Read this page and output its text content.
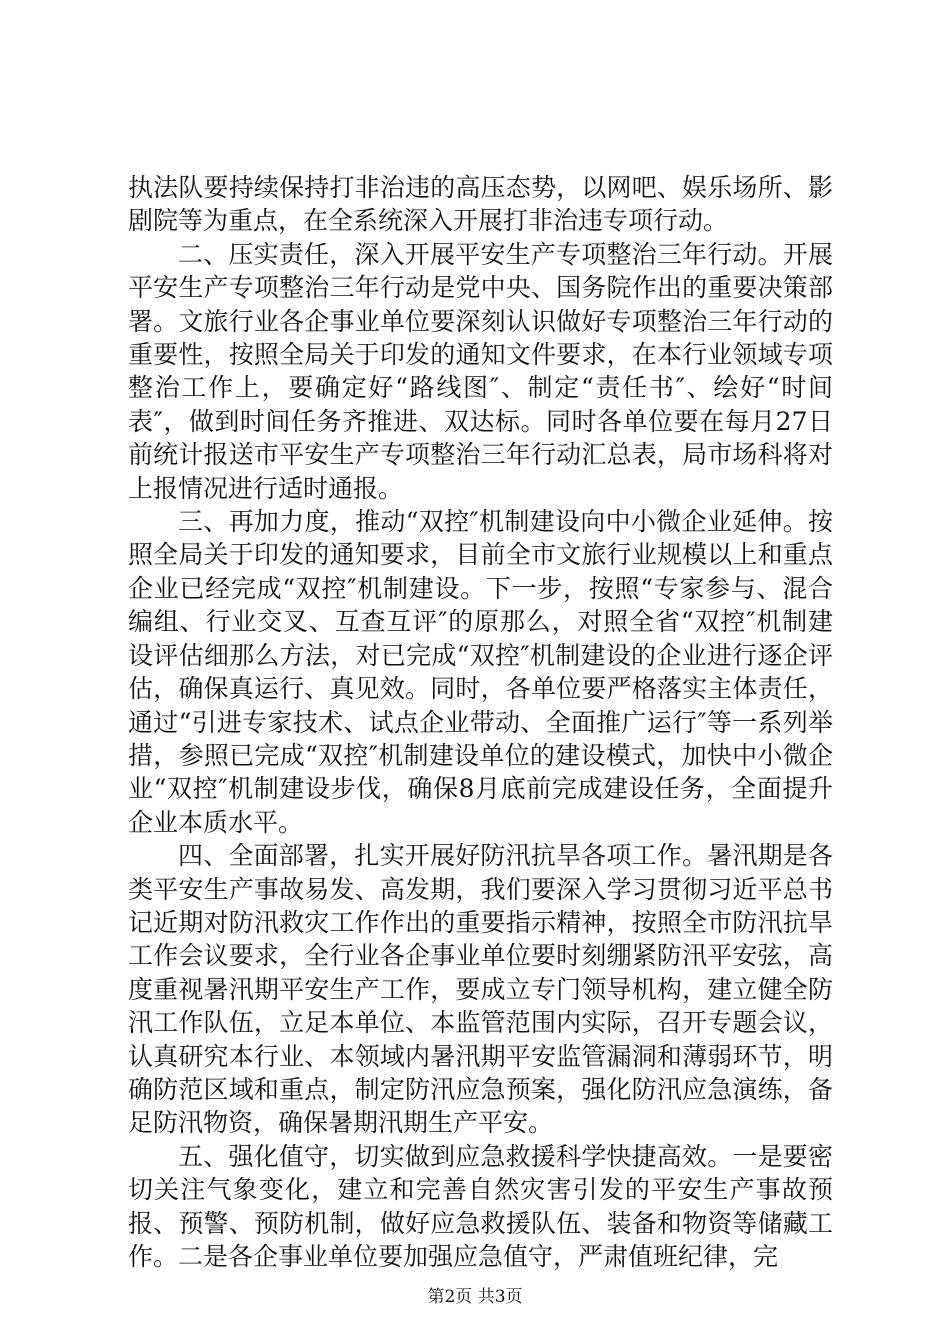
执法队要持续保持打非治违的高压态势，以网吧、娱乐场所、影剧院等为重点，在全系统深入开展打非治违专项行动。

二、压实责任，深入开展平安生产专项整治三年行动。开展平安生产专项整治三年行动是党中央、国务院作出的重要决策部署。文旅行业各企事业单位要深刻认识做好专项整治三年行动的重要性，按照全局关于印发的通知文件要求，在本行业领域专项整治工作上，要确定好“路线图″、制定“责任书″、绘好“时间表″，做到时间任务齐推进、双达标。同时各单位要在每月27日前统计报送市平安生产专项整治三年行动汇总表，局市场科将对上报情况进行适时通报。

三、再加力度，推动“双控″机制建设向中小微企业延伸。按照全局关于印发的通知要求，目前全市文旅行业规模以上和重点企业已经完成“双控″机制建设。下一步，按照“专家参与、混合编组、行业交叉、互查互评″的原那么，对照全省“双控″机制建设评估细那么方法，对已完成“双控″机制建设的企业进行逐企评估，确保真运行、真见效。同时，各单位要严格落实主体责任，通过“引进专家技术、试点企业带动、全面推广运行″等一系列举措，参照已完成“双控″机制建设单位的建设模式，加快中小微企业“双控″机制建设步伐，确保8月底前完成建设任务，全面提升企业本质水平。

四、全面部署，扎实开展好防汛抗旱各项工作。暑汛期是各类平安生产事故易发、高发期，我们要深入学习贯彻习近平总书记近期对防汛救灾工作作出的重要指示精神，按照全市防汛抗旱工作会议要求，全行业各企事业单位要时刻绷紧防汛平安弦，高度重视暑汛期平安生产工作，要成立专门领导机构，建立健全防汛工作队伍，立足本单位、本监管范围内实际，召开专题会议，认真研究本行业、本领域内暑汛期平安监管漏洞和薄弱环节，明确防范区域和重点，制定防汛应急预案，强化防汛应急演练，备足防汛物资，确保暑期汛期生产平安。

五、强化值守，切实做到应急救援科学快捷高效。一是要密切关注气象变化，建立和完善自然灾害引发的平安生产事故预报、预警、预防机制，做好应急救援队伍、装备和物资等储藏工作。二是各企事业单位要加强应急值守，严肃值班纪律，完

第2页 共3页
